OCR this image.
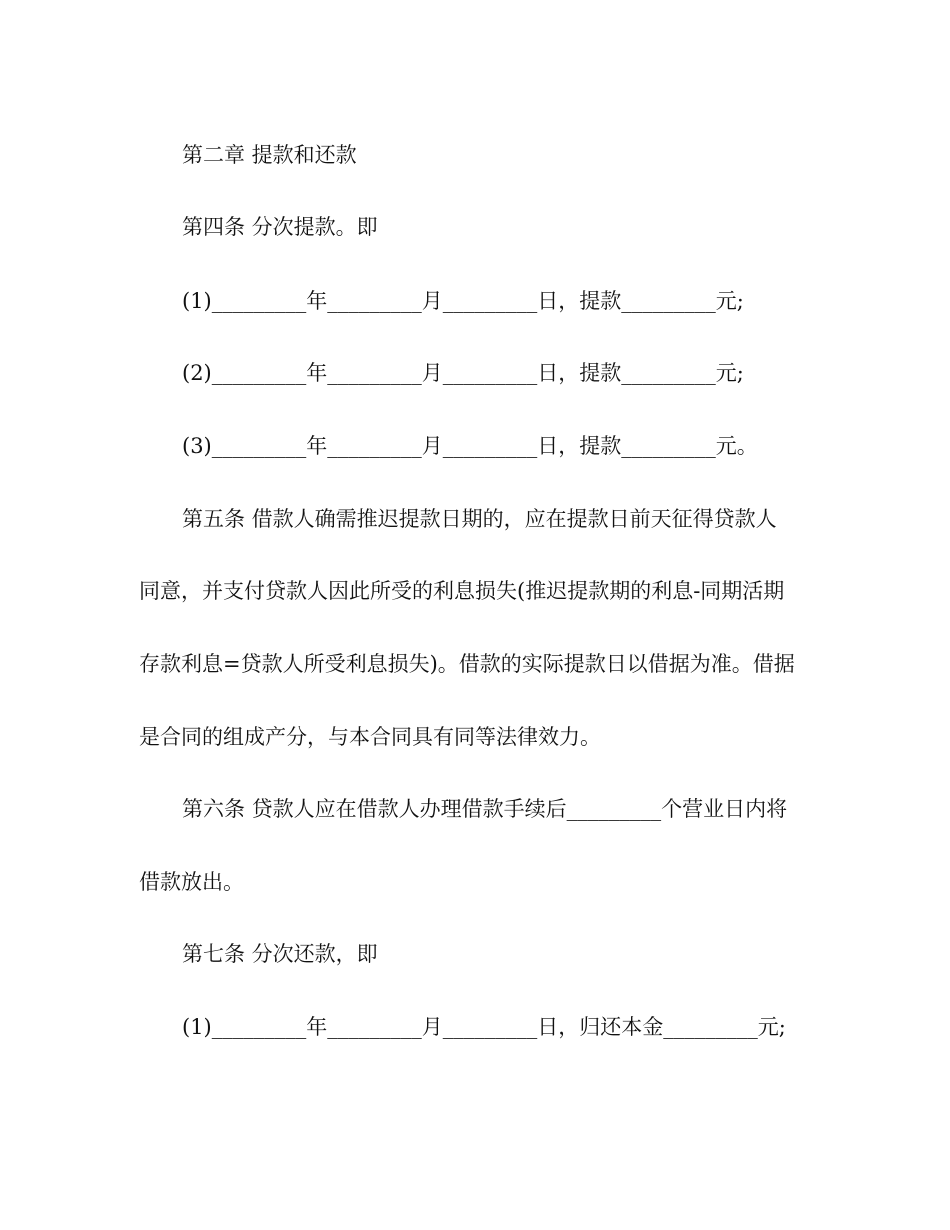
第二章 提款和还款
第四条 分次提款。即
(1)_________年_________月_________日，提款_________元;
(2)_________年_________月_________日，提款_________元;
(3)_________年_________月_________日，提款_________元。
第五条 借款人确需推迟提款日期的，应在提款日前天征得贷款人
同意，并支付贷款人因此所受的利息损失(推迟提款期的利息-同期活期
存款利息=贷款人所受利息损失)。借款的实际提款日以借据为准。借据
是合同的组成产分，与本合同具有同等法律效力。
第六条 贷款人应在借款人办理借款手续后_________个营业日内将
借款放出。
第七条 分次还款，即
(1)_________年_________月_________日，归还本金_________元;
